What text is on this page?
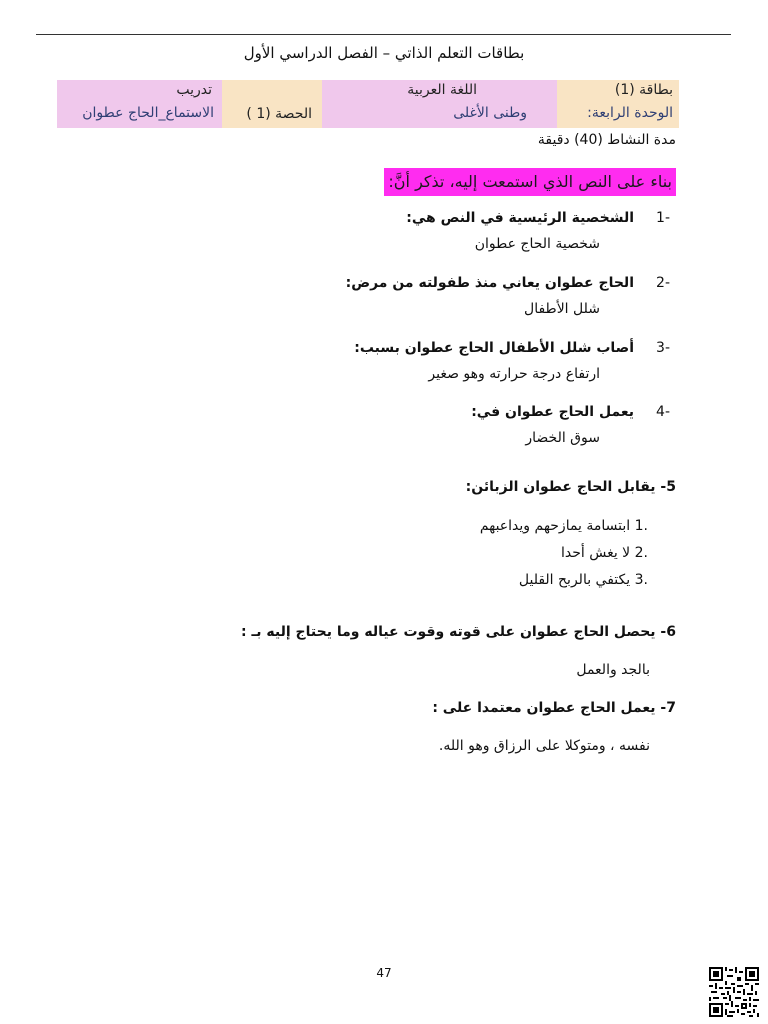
بطاقات التعلم الذاتي – الفصل الدراسي الأول
بطاقة (1)
الوحدة الرابعة:
اللغة العربية
وطنى الأغلى
الحصة (1 )
تدريب
الاستماع_الحاج عطوان
مدة النشاط (40) دقيقة
بناء على النص الذي استمعت إليه، تذكر أنَّ:
-1الشخصية الرئيسية في النص هي:
شخصية الحاج عطوان
-2الحاج عطوان يعاني منذ طفولته من مرض:
شلل الأطفال
-3أصاب شلل الأطفال الحاج عطوان بسبب:
ارتفاع درجة حرارته وهو صغير
-4يعمل الحاج عطوان في:
سوق الخضار
5- يقابل الحاج عطوان الزبائن:
.1 ابتسامة يمازحهم ويداعبهم
.2 لا يغش أحدا
.3 يكتفي بالربح القليل
6- يحصل الحاج عطوان على قوته وقوت عياله وما يحتاج إليه بـ :
بالجد والعمل
7- يعمل الحاج عطوان معتمدا على :
نفسه ، ومتوكلا على الرزاق وهو الله.
47
